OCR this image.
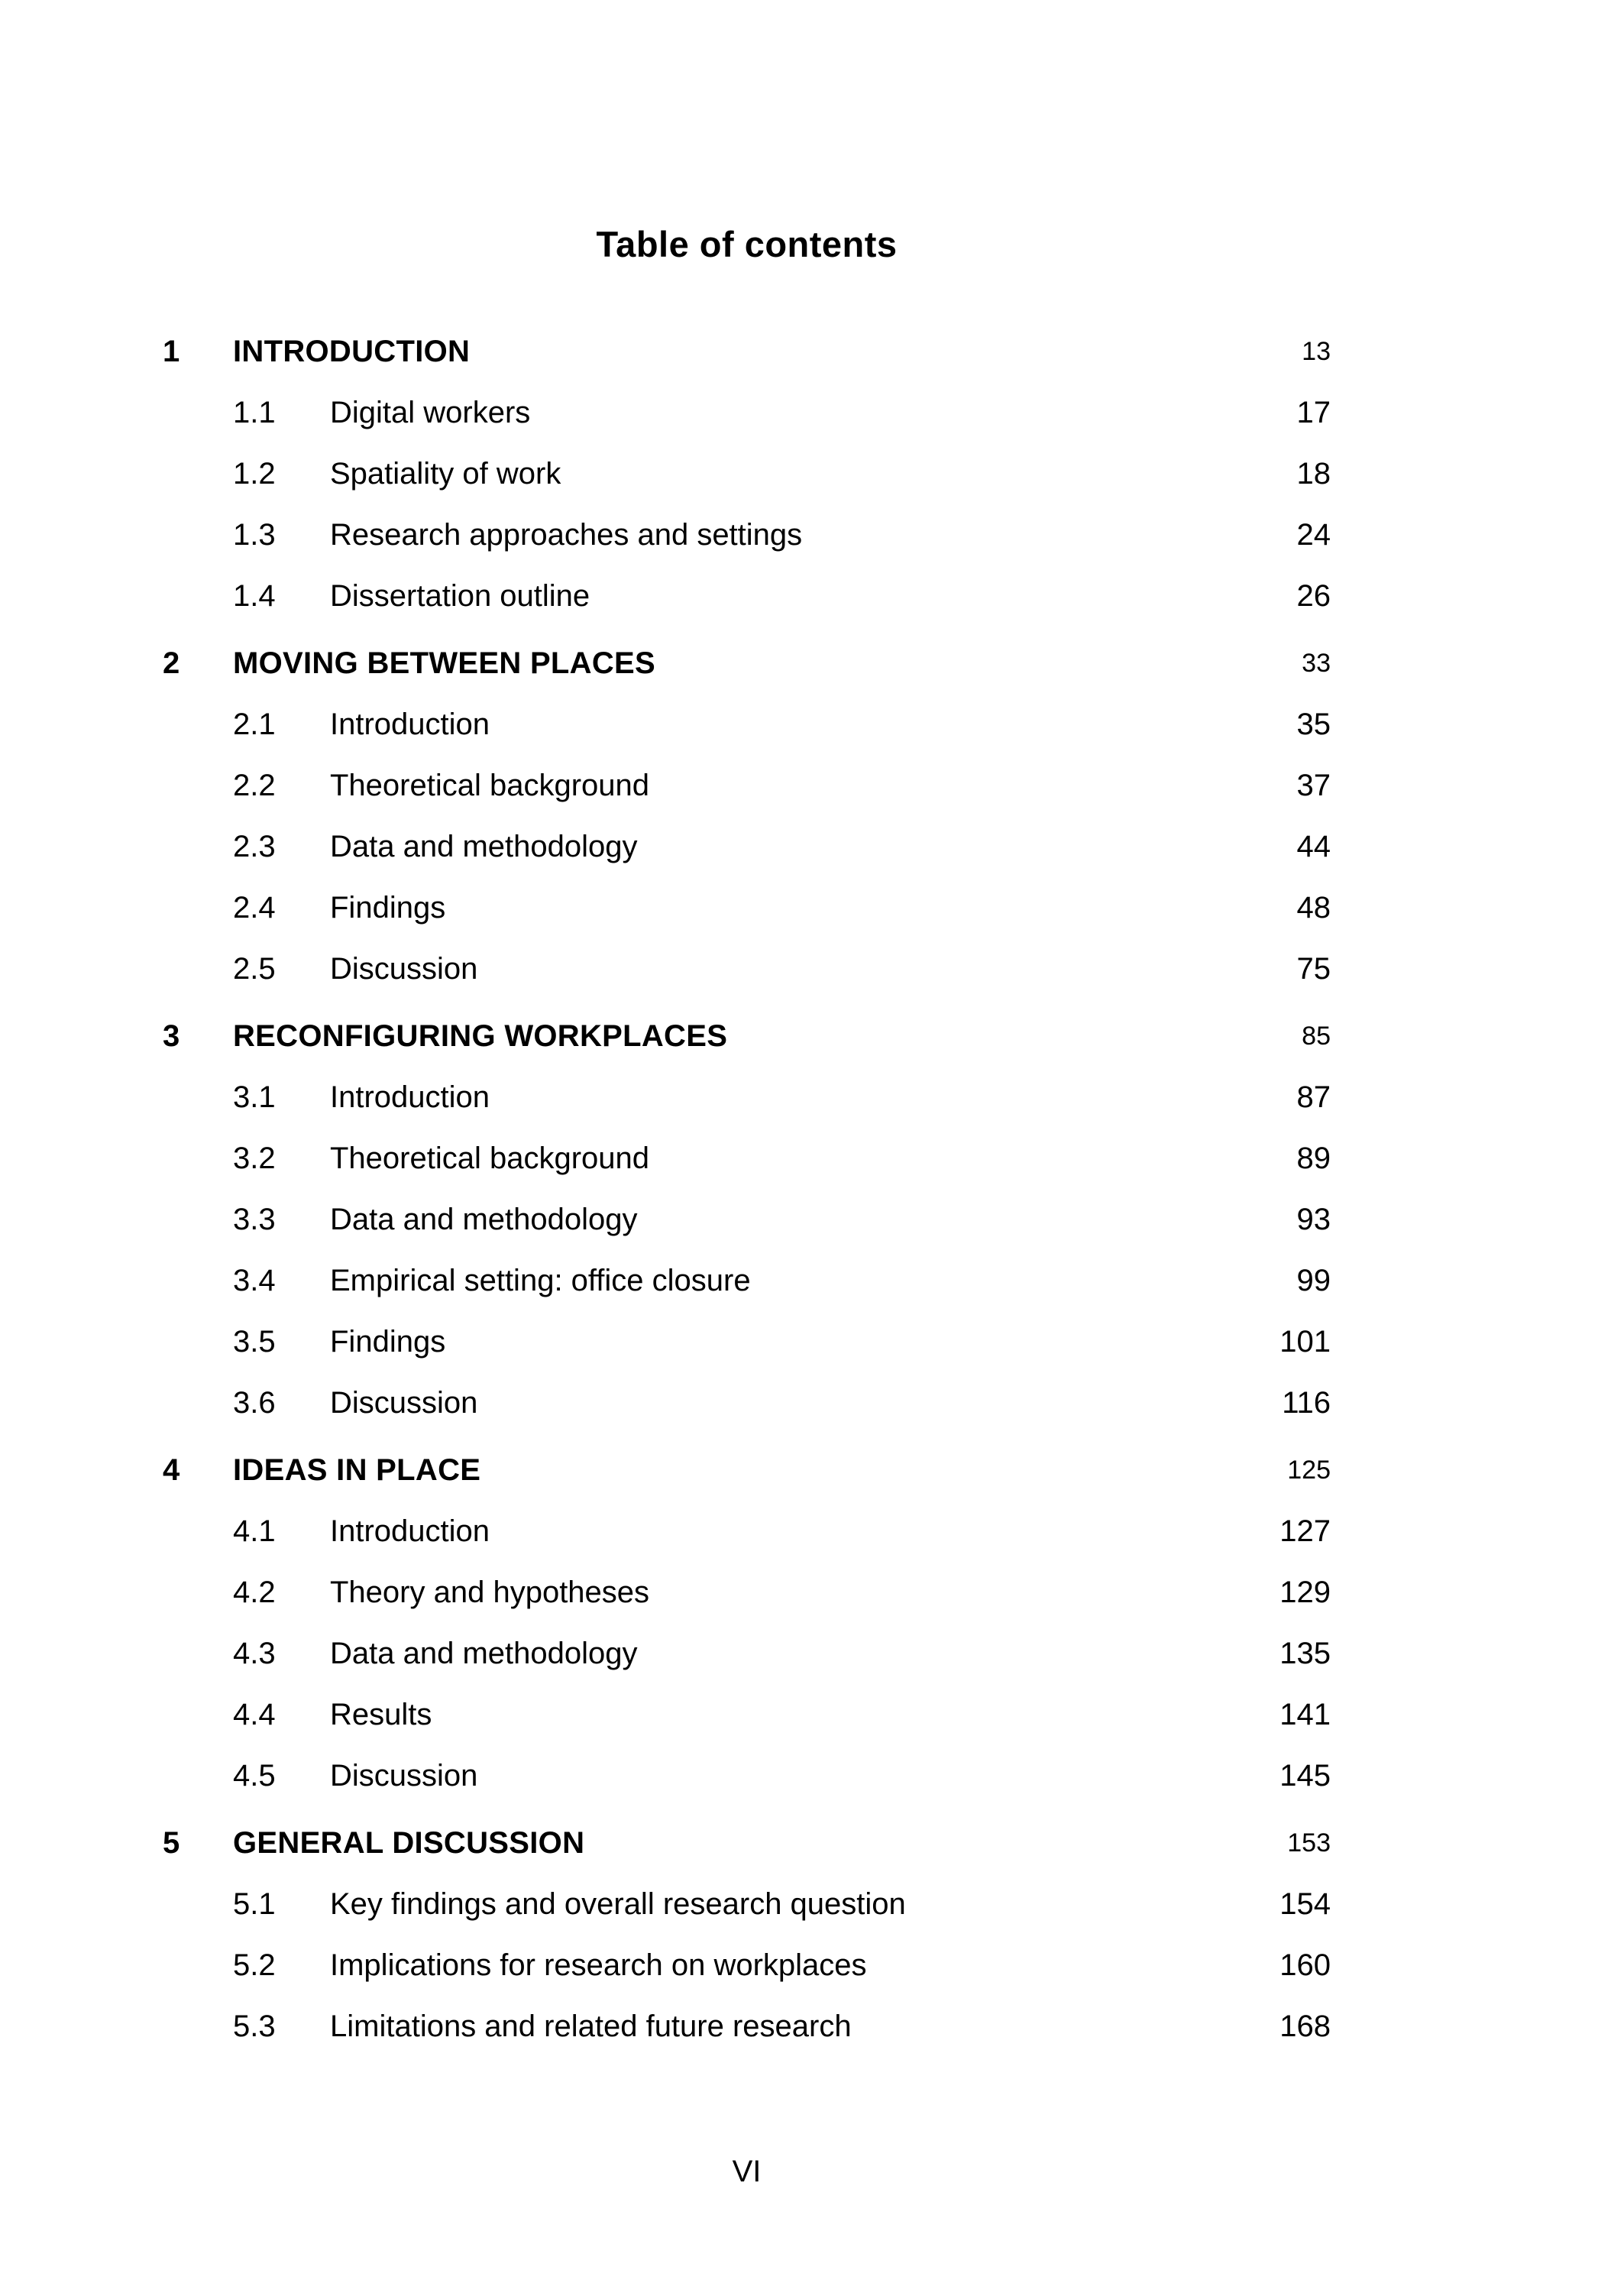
Table of contents
1	INTRODUCTION	13
1.1	Digital workers	17
1.2	Spatiality of work	18
1.3	Research approaches and settings	24
1.4	Dissertation outline	26
2	MOVING BETWEEN PLACES	33
2.1	Introduction	35
2.2	Theoretical background	37
2.3	Data and methodology	44
2.4	Findings	48
2.5	Discussion	75
3	RECONFIGURING WORKPLACES	85
3.1	Introduction	87
3.2	Theoretical background	89
3.3	Data and methodology	93
3.4	Empirical setting: office closure	99
3.5	Findings	101
3.6	Discussion	116
4	IDEAS IN PLACE	125
4.1	Introduction	127
4.2	Theory and hypotheses	129
4.3	Data and methodology	135
4.4	Results	141
4.5	Discussion	145
5	GENERAL DISCUSSION	153
5.1	Key findings and overall research question	154
5.2	Implications for research on workplaces	160
5.3	Limitations and related future research	168
VI
